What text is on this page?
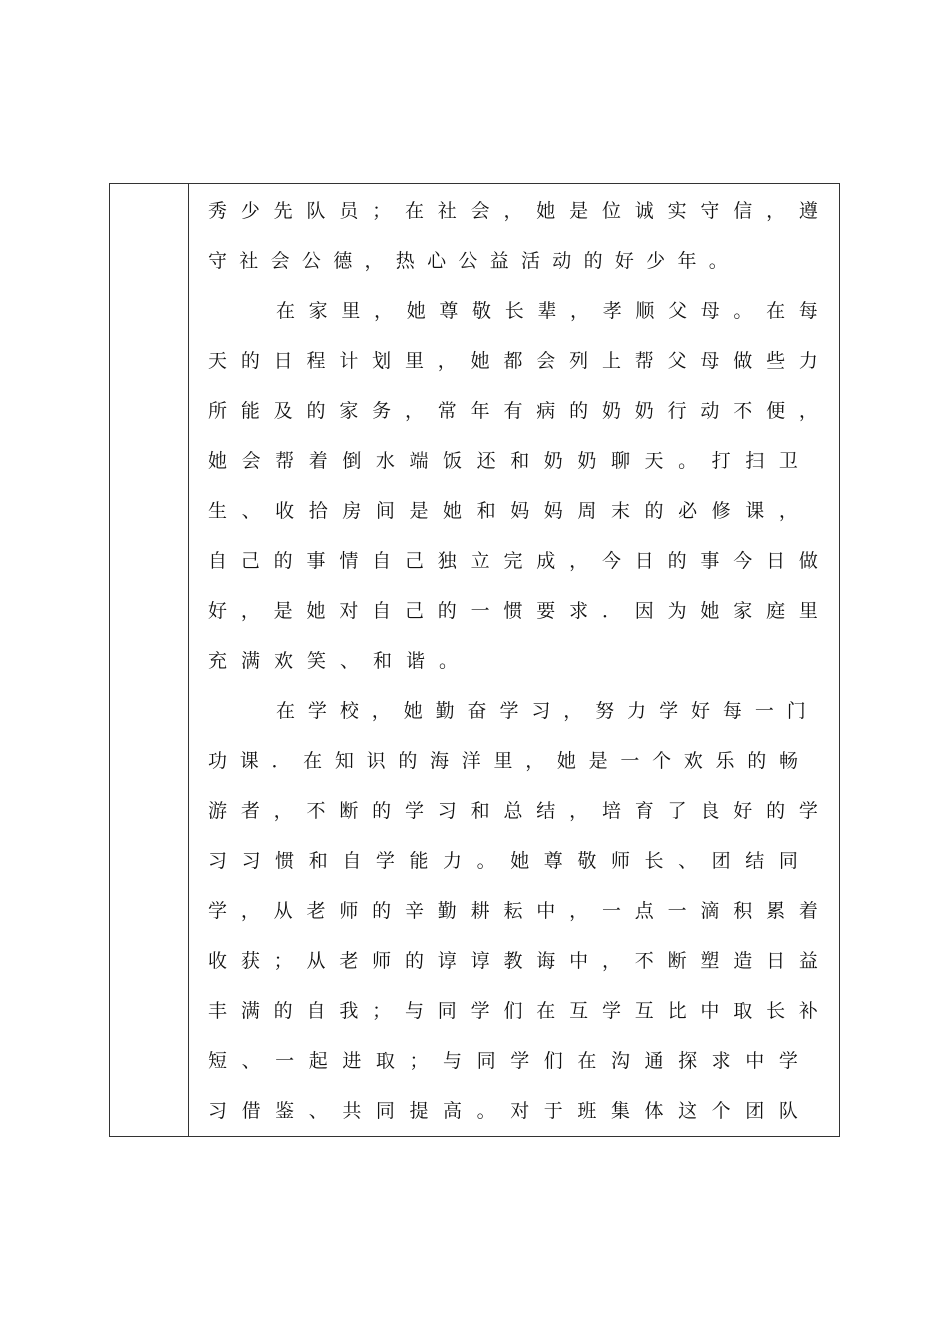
秀 少 先 队 员 ； 在 社 会 ， 她 是 位 诚 实 守 信 ， 遵
守 社 会 公 德 ， 热 心 公 益 活 动 的 好 少 年 。
在 家 里 ， 她 尊 敬 长 辈 ， 孝 顺 父 母 。 在 每
天 的 日 程 计 划 里 ， 她 都 会 列 上 帮 父 母 做 些 力
所 能 及 的 家 务 ， 常 年 有 病 的 奶 奶 行 动 不 便 ，
她 会 帮 着 倒 水 端 饭 还 和 奶 奶 聊 天 。 打 扫 卫
生 、 收 拾 房 间 是 她 和 妈 妈 周 末 的 必 修 课 ，
自 己 的 事 情 自 己 独 立 完 成 ， 今 日 的 事 今 日 做
好 ， 是 她 对 自 己 的 一 惯 要 求 ． 因 为 她 家 庭 里
充满欢笑、和谐。
在 学 校 ， 她 勤 奋 学 习 ， 努 力 学 好 每 一 门
功 课 ． 在 知 识 的 海 洋 里 ， 她 是 一 个 欢 乐 的 畅
游 者 ， 不 断 的 学 习 和 总 结 ， 培 育 了 良 好 的 学
习 习 惯 和 自 学 能 力 。 她 尊 敬 师 长 、 团 结 同
学 ， 从 老 师 的 辛 勤 耕 耘 中 ， 一 点 一 滴 积 累 着
收 获 ； 从 老 师 的 谆 谆 教 诲 中 ， 不 断 塑 造 日 益
丰 满 的 自 我 ； 与 同 学 们 在 互 学 互 比 中 取 长 补
短 、 一 起 进 取 ； 与 同 学 们 在 沟 通 探 求 中 学
习 借 鉴 、 共 同 提 高 。 对 于 班 集 体 这 个 团 队
